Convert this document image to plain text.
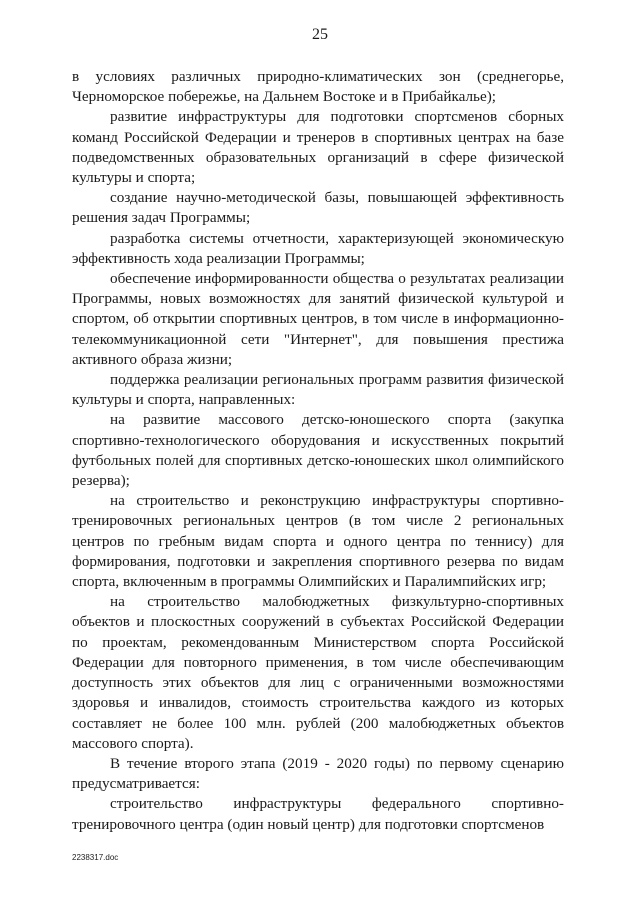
25

в условиях различных природно-климатических зон (среднегорье, Черноморское побережье, на Дальнем Востоке и в Прибайкалье);

развитие инфраструктуры для подготовки спортсменов сборных команд Российской Федерации и тренеров в спортивных центрах на базе подведомственных образовательных организаций в сфере физической культуры и спорта;

создание научно-методической базы, повышающей эффективность решения задач Программы;

разработка системы отчетности, характеризующей экономическую эффективность хода реализации Программы;

обеспечение информированности общества о результатах реализации Программы, новых возможностях для занятий физической культурой и спортом, об открытии спортивных центров, в том числе в информационно-телекоммуникационной сети "Интернет", для повышения престижа активного образа жизни;

поддержка реализации региональных программ развития физической культуры и спорта, направленных:

на развитие массового детско-юношеского спорта (закупка спортивно-технологического оборудования и искусственных покрытий футбольных полей для спортивных детско-юношеских школ олимпийского резерва);

на строительство и реконструкцию инфраструктуры спортивно-тренировочных региональных центров (в том числе 2 региональных центров по гребным видам спорта и одного центра по теннису) для формирования, подготовки и закрепления спортивного резерва по видам спорта, включенным в программы Олимпийских и Паралимпийских игр;

на строительство малобюджетных физкультурно-спортивных объектов и плоскостных сооружений в субъектах Российской Федерации по проектам, рекомендованным Министерством спорта Российской Федерации для повторного применения, в том числе обеспечивающим доступность этих объектов для лиц с ограниченными возможностями здоровья и инвалидов, стоимость строительства каждого из которых составляет не более 100 млн. рублей (200 малобюджетных объектов массового спорта).

В течение второго этапа (2019 - 2020 годы) по первому сценарию предусматривается:

строительство инфраструктуры федерального спортивно-тренировочного центра (один новый центр) для подготовки спортсменов

2238317.doc
